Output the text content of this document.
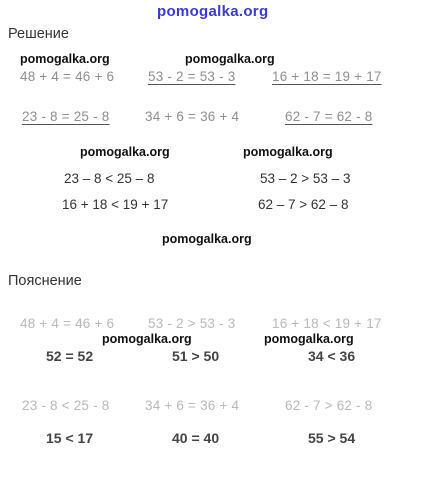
pomogalka.org
Решение
pomogalka.org	pomogalka.org
48 + 4 = 46 + 6	53 - 2 = 53 - 3	16 + 18 = 19 + 17
23 - 8 = 25 - 8	34 + 6 = 36 + 4	62 - 7 = 62 - 8
pomogalka.org	pomogalka.org
23 – 8 < 25 – 8	53 – 2 > 53 – 3
16 + 18 < 19 + 17	62 – 7 > 62 – 8
pomogalka.org
Пояснение
48 + 4 = 46 + 6	53 - 2 > 53 - 3	16 + 18 < 19 + 17
pomogalka.org	pomogalka.org
52 = 52	51 > 50	34 < 36
23 - 8 < 25 - 8	34 + 6 = 36 + 4	62 - 7 > 62 - 8
15 < 17	40 = 40	55 > 54
